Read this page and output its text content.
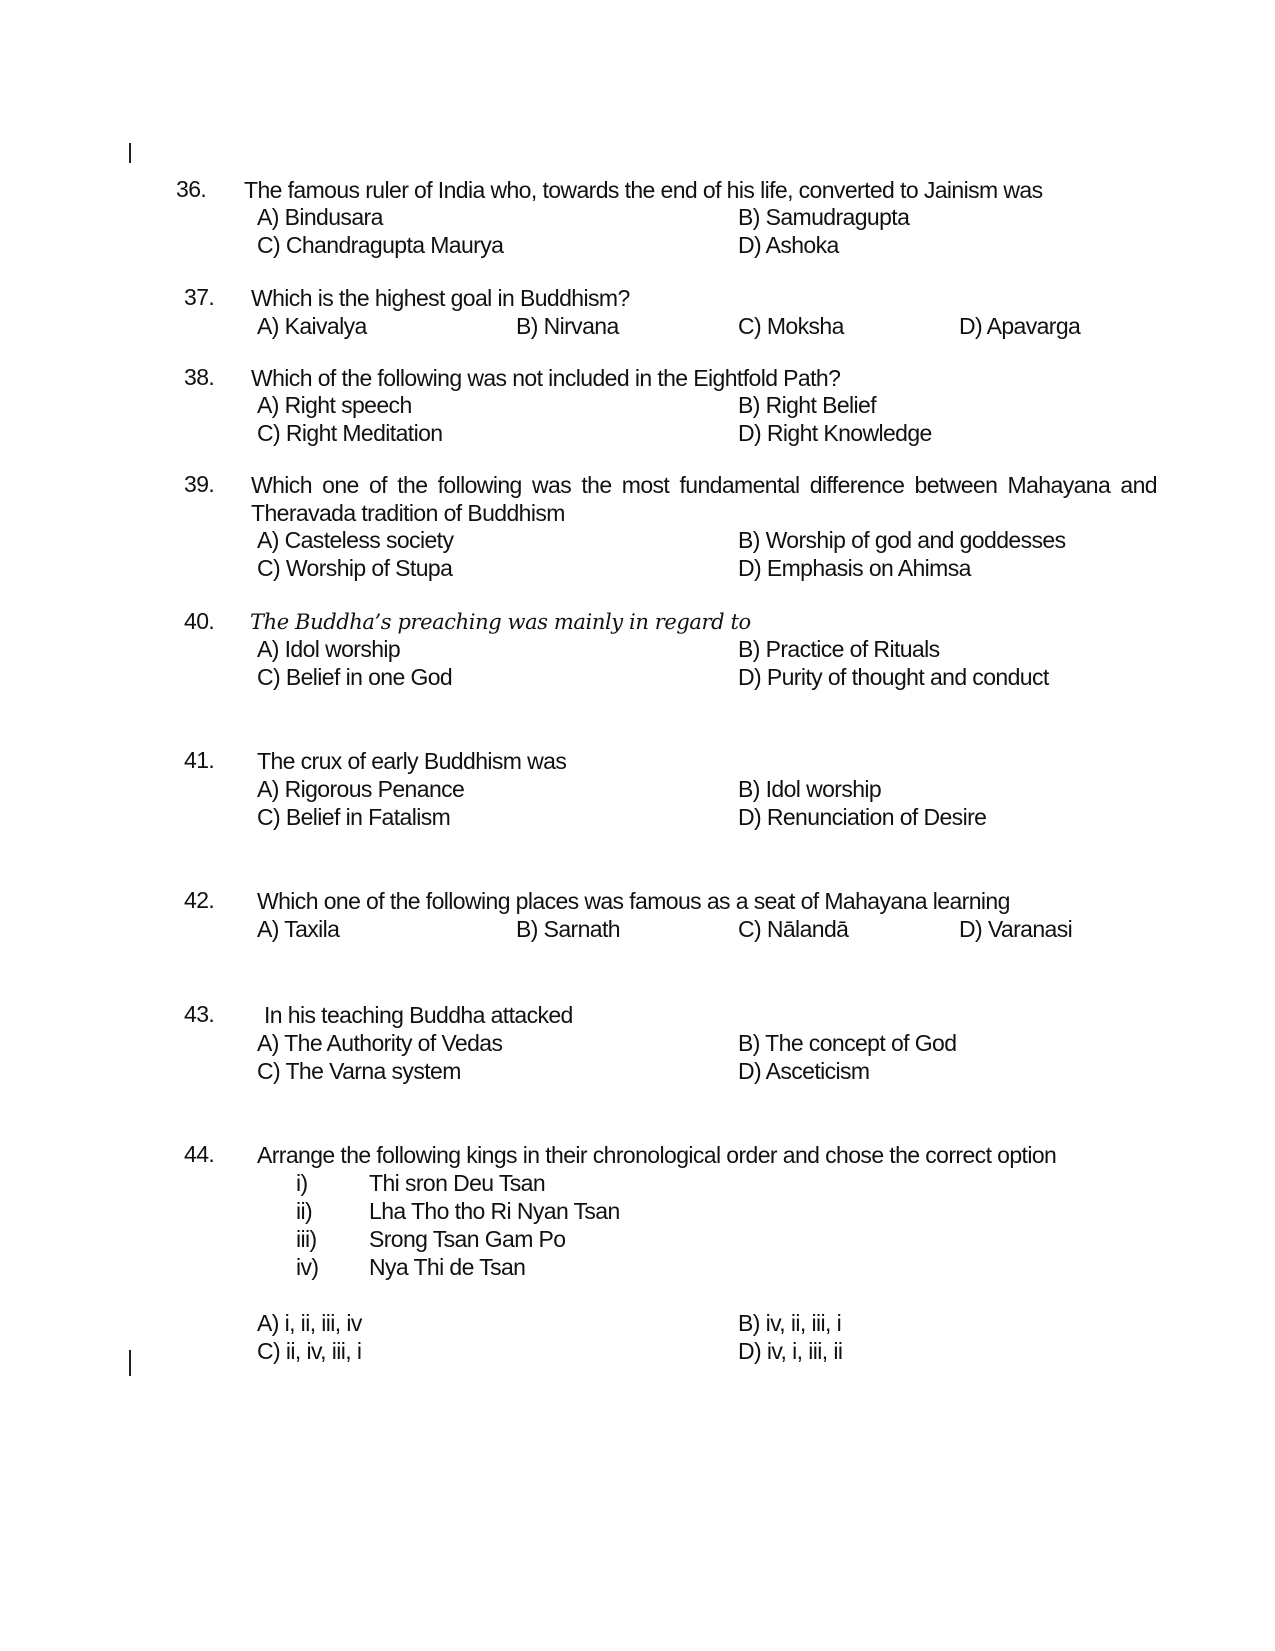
36. The famous ruler of India who, towards the end of his life, converted to Jainism was
A) Bindusara	B) Samudragupta
C) Chandragupta Maurya	D) Ashoka
37. Which is the highest goal in Buddhism?
A) Kaivalya	B) Nirvana	C) Moksha	D) Apavarga
38. Which of the following was not included in the Eightfold Path?
A) Right speech	B) Right Belief
C) Right Meditation	D) Right Knowledge
39. Which one of the following was the most fundamental difference between Mahayana and Theravada tradition of Buddhism
A) Casteless society	B) Worship of god and goddesses
C) Worship of Stupa	D) Emphasis on Ahimsa
40. The Buddha’s preaching was mainly in regard to
A) Idol worship	B) Practice of Rituals
C) Belief in one God	D) Purity of thought and conduct
41. The crux of early Buddhism was
A) Rigorous Penance	B) Idol worship
C) Belief in Fatalism	D) Renunciation of Desire
42. Which one of the following places was famous as a seat of Mahayana learning
A) Taxila	B) Sarnath	C) Nālandā	D) Varanasi
43. In his teaching Buddha attacked
A) The Authority of Vedas	B) The concept of God
C) The Varna system	D) Asceticism
44. Arrange the following kings in their chronological order and chose the correct option
i)	Thi sron Deu Tsan
ii) Lha Tho tho Ri Nyan Tsan
iii) Srong Tsan Gam Po
iv) Nya Thi de Tsan
A) i, ii, iii, iv	B) iv, ii, iii, i
C) ii, iv, iii, i	D) iv, i, iii, ii
